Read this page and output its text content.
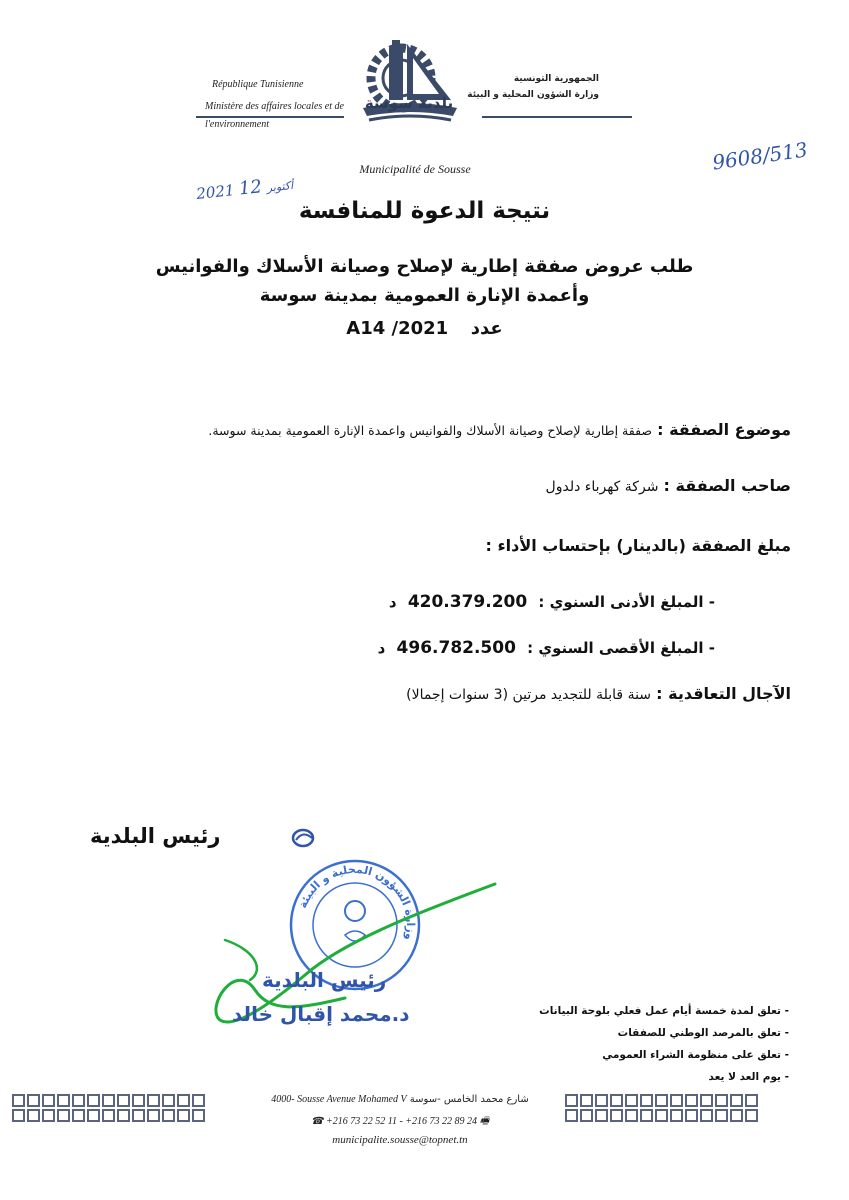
République Tunisienne
Ministère des affaires locales et de
l'environnement
الجمهورية التونسية
وزارة الشؤون المحلية و البيئة
بلدية سوسة
Municipalité de Sousse
2021	أكتوبر 12
9608/513
نتيجة الدعوة للمنافسة
طلب عروض صفقة إطارية لإصلاح وصيانة الأسلاك والفوانيس
وأعمدة الإنارة العمومية بمدينة سوسة
عدد  A14 /2021
موضوع الصفقة : صفقة إطارية لإصلاح وصيانة الأسلاك والفوانيس واعمدة الإنارة العمومية بمدينة سوسة.
صاحب الصفقة : شركة كهرباء دلدول
مبلغ الصفقة (بالدينار) بإحتساب الأداء :
- المبلغ الأدنى السنوي : 420.379.200 د
- المبلغ الأقصى السنوي : 496.782.500 د
الآجال التعاقدية : سنة قابلة للتجديد مرتين (3 سنوات إجمالا)
رئيس البلدية
وزارة الشؤون المحلية و البيئة
رئيس البلدية
د.محمد إقبال خالد	- تعلق لمدة خمسة أيام عمل فعلي بلوحة البيانات
- تعلق بالمرصد الوطني للصفقات
- تعلق على منظومة الشراء العمومي
- يوم العد لا يعد
4000- Sousse Avenue Mohamed V شارع محمد الخامس -سوسة
☎ +216 73 22 52 11 - +216 73 22 89 24 🖷
municipalite.sousse@topnet.tn
